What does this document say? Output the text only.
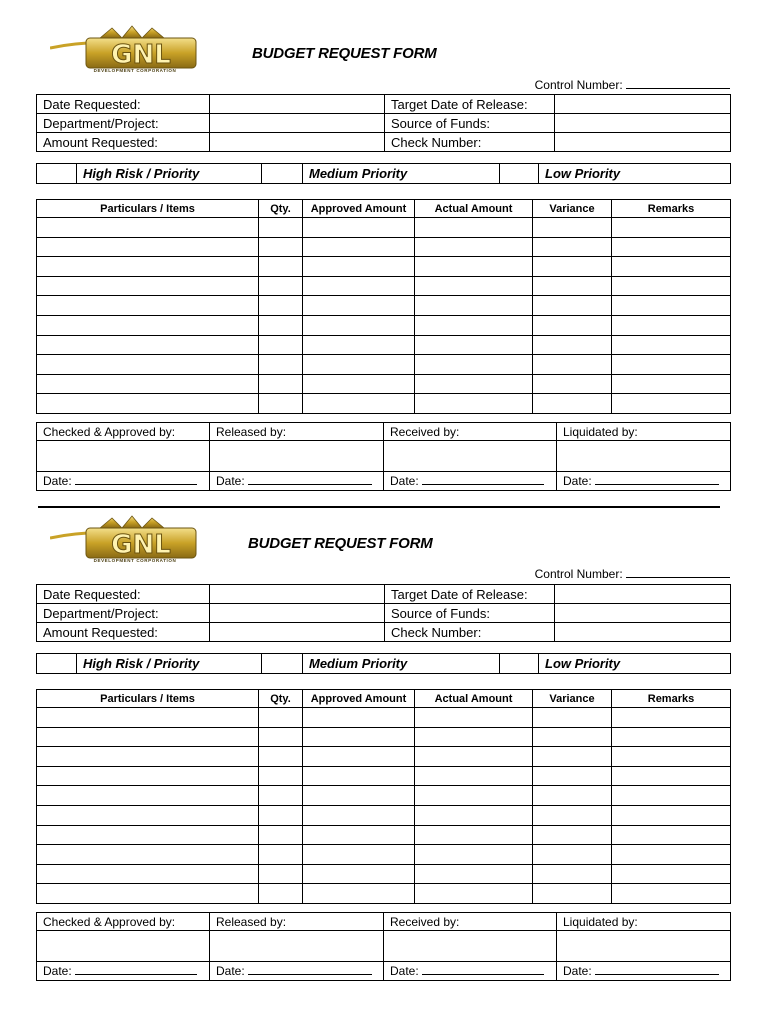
GNL
DEVELOPMENT CORPORATION
BUDGET REQUEST FORM
Control Number:
Date Requested:		Target Date of Release:	
Department/Project:		Source of Funds:	
Amount Requested:		Check Number:	
	High Risk / Priority		Medium Priority		Low Priority
Particulars / Items	Qty.	Approved Amount	Actual Amount	Variance	Remarks

Checked & Approved by:	Released by:	Received by:	Liquidated by:

Date:	Date:	Date:	Date:
GNL
DEVELOPMENT CORPORATION
BUDGET REQUEST FORM
Control Number:
Date Requested:		Target Date of Release:	
Department/Project:		Source of Funds:	
Amount Requested:		Check Number:	
	High Risk / Priority		Medium Priority		Low Priority
Particulars / Items	Qty.	Approved Amount	Actual Amount	Variance	Remarks

Checked & Approved by:	Released by:	Received by:	Liquidated by:

Date:	Date:	Date:	Date:
